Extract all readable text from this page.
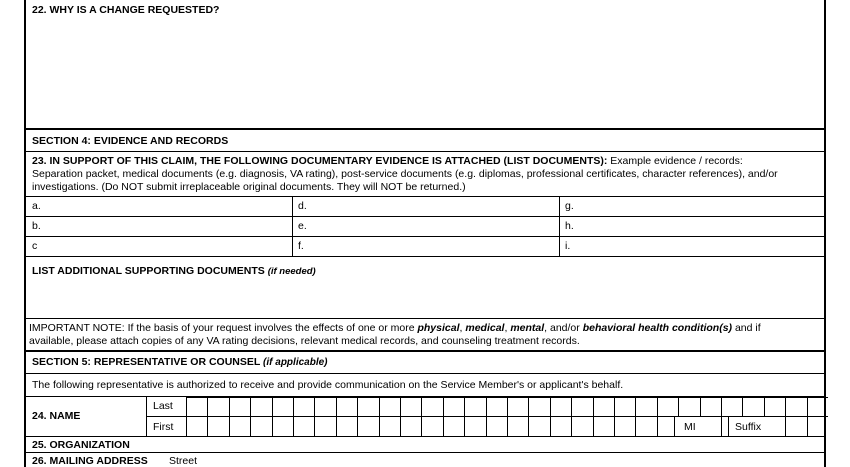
22. WHY IS A CHANGE REQUESTED?
SECTION 4: EVIDENCE AND RECORDS
23. IN SUPPORT OF THIS CLAIM, THE FOLLOWING DOCUMENTARY EVIDENCE IS ATTACHED (LIST DOCUMENTS): Example evidence / records:
Separation packet, medical documents (e.g. diagnosis, VA rating), post-service documents (e.g. diplomas, professional certificates, character references), and/or
investigations. (Do NOT submit irreplaceable original documents. They will NOT be returned.)
a.	d.	g.
b.	e.	h.
c	f.	i.
LIST ADDITIONAL SUPPORTING DOCUMENTS (if needed)
IMPORTANT NOTE: If the basis of your request involves the effects of one or more physical, medical, mental, and/or behavioral health condition(s) and if
available, please attach copies of any VA rating decisions, relevant medical records, and counseling treatment records.
SECTION 5: REPRESENTATIVE OR COUNSEL (if applicable)
The following representative is authorized to receive and provide communication on the Service Member's or applicant's behalf.
24. NAME
Last
First	MI	Suffix
25. ORGANIZATION
26. MAILING ADDRESS Street
